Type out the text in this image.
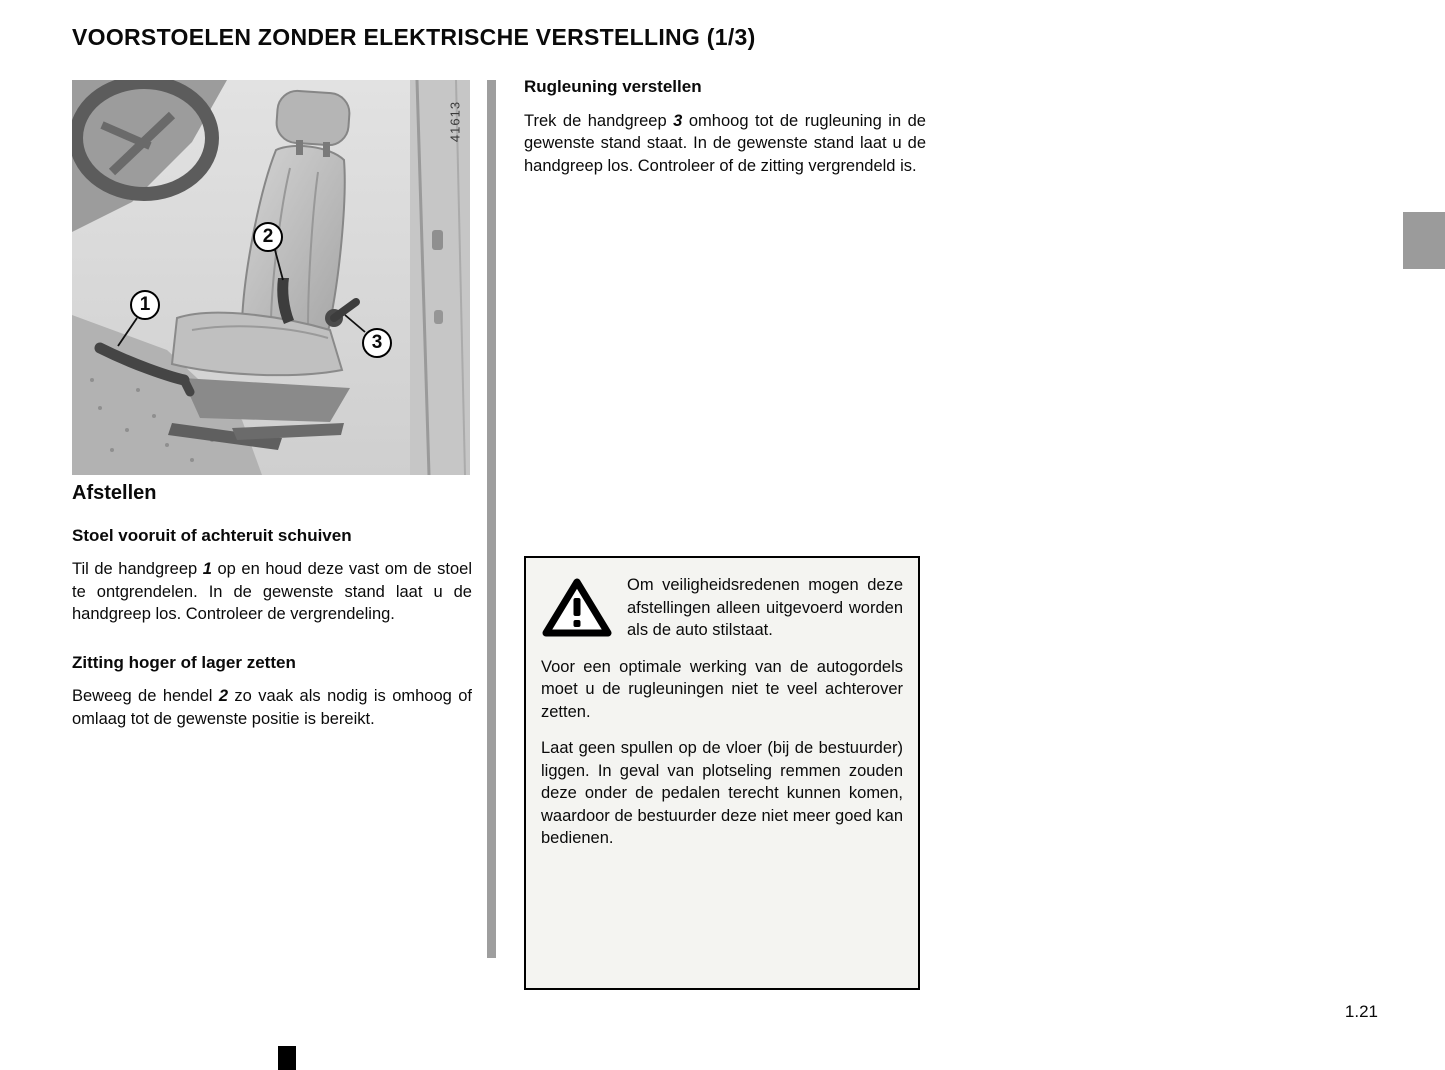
VOORSTOELEN ZONDER ELEKTRISCHE VERSTELLING (1/3)
41613
1
2
3
Afstellen
Stoel vooruit of achteruit schuiven

Til de handgreep 1 op en houd deze vast om de stoel te ontgrendelen. In de gewenste stand laat u de handgreep los. Controleer de vergrendeling.

Zitting hoger of lager zetten

Beweeg de hendel 2 zo vaak als nodig is omhoog of omlaag tot de gewenste positie is bereikt.

Rugleuning verstellen

Trek de handgreep 3 omhoog tot de rugleuning in de gewenste stand staat. In de gewenste stand laat u de handgreep los. Controleer of de zitting vergrendeld is.

Om veiligheidsredenen mogen deze afstellingen alleen uitgevoerd worden als de auto stilstaat.

Voor een optimale werking van de autogordels moet u de rugleuningen niet te veel achterover zetten.

Laat geen spullen op de vloer (bij de bestuurder) liggen. In geval van plotseling remmen zouden deze onder de pedalen terecht kunnen komen, waardoor de bestuurder deze niet meer goed kan bedienen.

1.21
